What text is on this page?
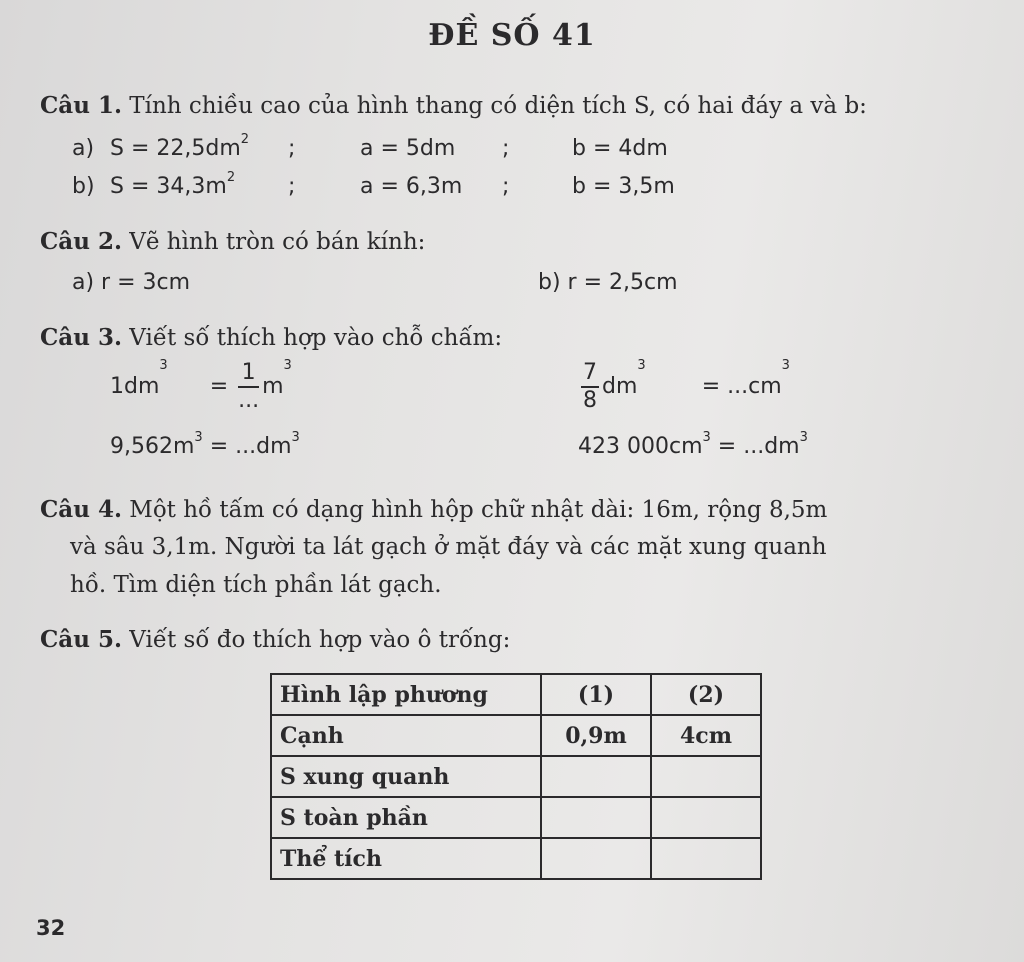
ĐỀ SỐ 41
Câu 1. Tính chiều cao của hình thang có diện tích S, có hai đáy a và b:
a) $S = 22,5dm^2$ ;	a = 5dm ;	b = 4dm
b) $S = 34,3m^2$ ;	a = 6,3m ;	b = 3,5m
Câu 2. Vẽ hình tròn có bán kính:
a) r = 3cm	b) r = 2,5cm
Câu 3. Viết số thích hợp vào chỗ chấm:
$1dm^3 = \frac{1}{...} m^3$	$\frac{7}{8} dm^3 = ...cm^3$
$9,562m^3 = ...dm^3$	423 $000cm^3 = ...dm^3$
Câu 4. Một hồ tấm có dạng hình hộp chữ nhật dài: 16m, rộng 8,5m
và sâu 3,1m. Người ta lát gạch ở mặt đáy và các mặt xung quanh
hồ. Tìm diện tích phần lát gạch.
Câu 5. Viết số đo thích hợp vào ô trống:
Hình lập phương	(1)	(2)
Cạnh	0,9m	4cm
S xung quanh		
S toàn phần		
Thể tích		
32
